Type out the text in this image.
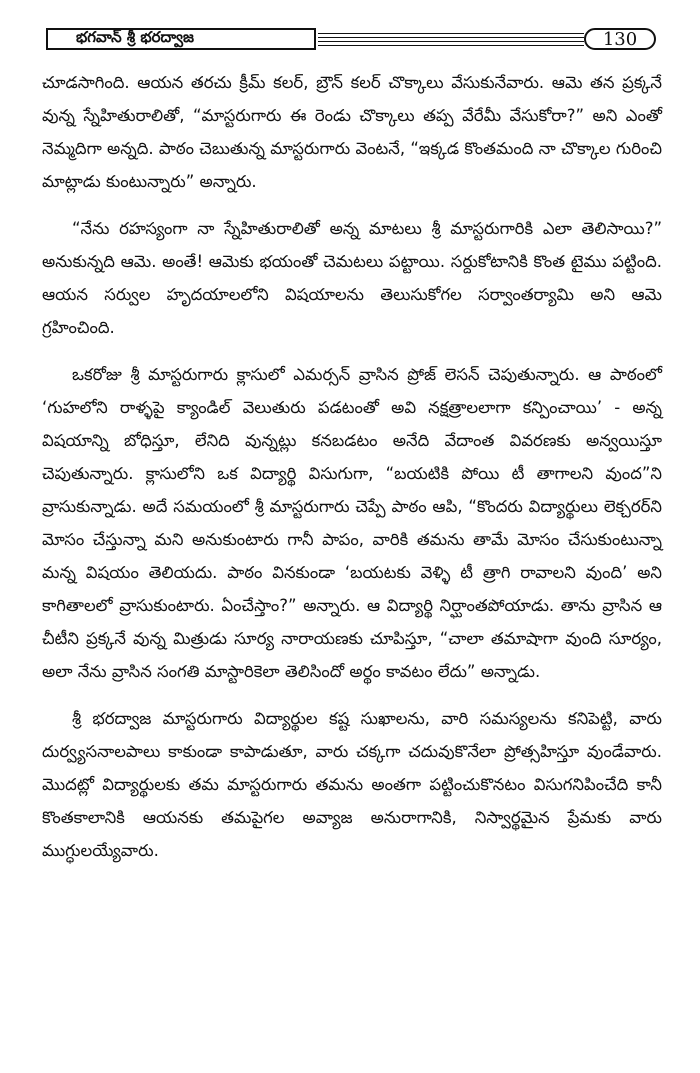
భగవాన్ శ్రీ భరద్వాజ	130

చూడసాగింది. ఆయన తరచు క్రీమ్ కలర్, బ్రౌన్ కలర్ చొక్కాలు వేసుకునేవారు. ఆమె తన ప్రక్కనే వున్న స్నేహితురాలితో, “మాస్టరుగారు ఈ రెండు చొక్కాలు తప్ప వేరేమీ వేసుకోరా?” అని ఎంతో నెమ్మదిగా అన్నది. పాఠం చెబుతున్న మాస్టరుగారు వెంటనే, “ఇక్కడ కొంతమంది నా చొక్కాల గురించి మాట్లాడు కుంటున్నారు” అన్నారు.

“నేను రహస్యంగా నా స్నేహితురాలితో అన్న మాటలు శ్రీ మాస్టరుగారికి ఎలా తెలిసాయి?” అనుకున్నది ఆమె. అంతే! ఆమెకు భయంతో చెమటలు పట్టాయి. సర్దుకోటానికి కొంత టైము పట్టింది. ఆయన సర్వుల హృదయాలలోని విషయాలను తెలుసుకోగల సర్వాంతర్యామి అని ఆమె గ్రహించింది.

ఒకరోజు శ్రీ మాస్టరుగారు క్లాసులో ఎమర్సన్ వ్రాసిన ప్రోజ్ లెసన్ చెపుతున్నారు. ఆ పాఠంలో ‘గుహలోని రాళ్ళపై క్యాండిల్ వెలుతురు పడటంతో అవి నక్షత్రాలలాగా కన్పించాయి’ - అన్న విషయాన్ని బోధిస్తూ, లేనిది వున్నట్లు కనబడటం అనేది వేదాంత వివరణకు అన్వయిస్తూ చెపుతున్నారు. క్లాసులోని ఒక విద్యార్థి విసుగుగా, “బయటికి పోయి టీ తాగాలని వుంద”ని వ్రాసుకున్నాడు. అదే సమయంలో శ్రీ మాస్టరుగారు చెప్పే పాఠం ఆపి, “కొందరు విద్యార్థులు లెక్చరర్‌ని మోసం చేస్తున్నా మని అనుకుంటారు గానీ పాపం, వారికి తమను తామే మోసం చేసుకుంటున్నా మన్న విషయం తెలియదు. పాఠం వినకుండా ‘బయటకు వెళ్ళి టీ త్రాగి రావాలని వుంది’ అని కాగితాలలో వ్రాసుకుంటారు. ఏంచేస్తాం?” అన్నారు. ఆ విద్యార్థి నిర్ఘాంతపోయాడు. తాను వ్రాసిన ఆ చీటీని ప్రక్కనే వున్న మిత్రుడు సూర్య నారాయణకు చూపిస్తూ, “చాలా తమాషాగా వుంది సూర్యం, అలా నేను వ్రాసిన సంగతి మాస్టారికెలా తెలిసిందో అర్థం కావటం లేదు” అన్నాడు.

శ్రీ భరద్వాజ మాస్టరుగారు విద్యార్థుల కష్ట సుఖాలను, వారి సమస్యలను కనిపెట్టి, వారు దుర్వ్యసనాలపాలు కాకుండా కాపాడుతూ, వారు చక్కగా చదువుకొనేలా ప్రోత్సహిస్తూ వుండేవారు. మొదట్లో విద్యార్థులకు తమ మాస్టరుగారు తమను అంతగా పట్టించుకొనటం విసుగనిపించేది కానీ కొంతకాలానికి ఆయనకు తమపైగల అవ్యాజ అనురాగానికి, నిస్వార్థమైన ప్రేమకు వారు ముగ్ధులయ్యేవారు.
